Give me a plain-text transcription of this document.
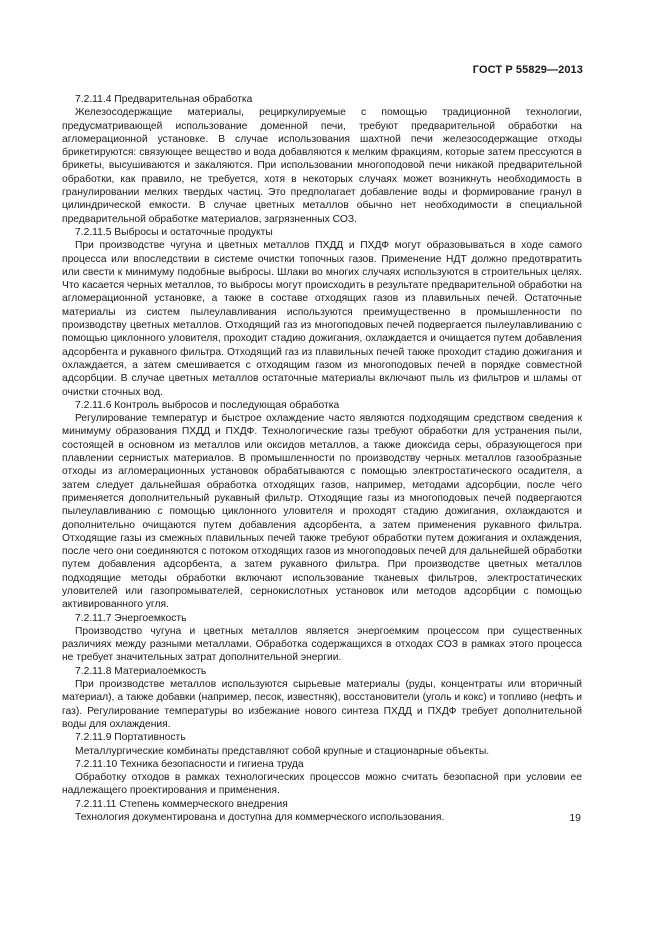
ГОСТ Р 55829—2013
7.2.11.4 Предварительная обработка

Железосодержащие материалы, рециркулируемые с помощью традиционной технологии, предусматривающей использование доменной печи, требуют предварительной обработки на агломерационной установке. В случае использования шахтной печи железосодержащие отходы брикетируются: связующее вещество и вода добавляются к мелким фракциям, которые затем прессуются в брикеты, высушиваются и закаляются. При использовании многоподовой печи никакой предварительной обработки, как правило, не требуется, хотя в некоторых случаях может возникнуть необходимость в гранулировании мелких твердых частиц. Это предполагает добавление воды и формирование гранул в цилиндрической емкости. В случае цветных металлов обычно нет необходимости в специальной предварительной обработке материалов, загрязненных СОЗ.

7.2.11.5 Выбросы и остаточные продукты

При производстве чугуна и цветных металлов ПХДД и ПХДФ могут образовываться в ходе самого процесса или впоследствии в системе очистки топочных газов. Применение НДТ должно предотвратить или свести к минимуму подобные выбросы. Шлаки во многих случаях используются в строительных целях. Что касается черных металлов, то выбросы могут происходить в результате предварительной обработки на агломерационной установке, а также в составе отходящих газов из плавильных печей. Остаточные материалы из систем пылеулавливания используются преимущественно в промышленности по производству цветных металлов. Отходящий газ из многоподовых печей подвергается пылеулавливанию с помощью циклонного уловителя, проходит стадию дожигания, охлаждается и очищается путем добавления адсорбента и рукавного фильтра. Отходящий газ из плавильных печей также проходит стадию дожигания и охлаждается, а затем смешивается с отходящим газом из многоподовых печей в порядке совместной адсорбции. В случае цветных металлов остаточные материалы включают пыль из фильтров и шламы от очистки сточных вод.

7.2.11.6 Контроль выбросов и последующая обработка

Регулирование температур и быстрое охлаждение часто являются подходящим средством сведения к минимуму образования ПХДД и ПХДФ. Технологические газы требуют обработки для устранения пыли, состоящей в основном из металлов или оксидов металлов, а также диоксида серы, образующегося при плавлении сернистых материалов. В промышленности по производству черных металлов газообразные отходы из агломерационных установок обрабатываются с помощью электростатического осадителя, а затем следует дальнейшая обработка отходящих газов, например, методами адсорбции, после чего применяется дополнительный рукавный фильтр. Отходящие газы из многоподовых печей подвергаются пылеулавливанию с помощью циклонного уловителя и проходят стадию дожигания, охлаждаются и дополнительно очищаются путем добавления адсорбента, а затем применения рукавного фильтра. Отходящие газы из смежных плавильных печей также требуют обработки путем дожигания и охлаждения, после чего они соединяются с потоком отходящих газов из многоподовых печей для дальнейшей обработки путем добавления адсорбента, а затем рукавного фильтра. При производстве цветных металлов подходящие методы обработки включают использование тканевых фильтров, электростатических уловителей или газопромывателей, сернокислотных установок или методов адсорбции с помощью активированного угля.

7.2.11.7 Энергоемкость

Производство чугуна и цветных металлов является энергоемким процессом при существенных различиях между разными металлами. Обработка содержащихся в отходах СОЗ в рамках этого процесса не требует значительных затрат дополнительной энергии.

7.2.11.8 Материалоемкость

При производстве металлов используются сырьевые материалы (руды, концентраты или вторичный материал), а также добавки (например, песок, известняк), восстановители (уголь и кокс) и топливо (нефть и газ). Регулирование температуры во избежание нового синтеза ПХДД и ПХДФ требует дополнительной воды для охлаждения.

7.2.11.9 Портативность

Металлургические комбинаты представляют собой крупные и стационарные объекты.

7.2.11.10 Техника безопасности и гигиена труда

Обработку отходов в рамках технологических процессов можно считать безопасной при условии ее надлежащего проектирования и применения.

7.2.11.11 Степень коммерческого внедрения

Технология документирована и доступна для коммерческого использования.	19
